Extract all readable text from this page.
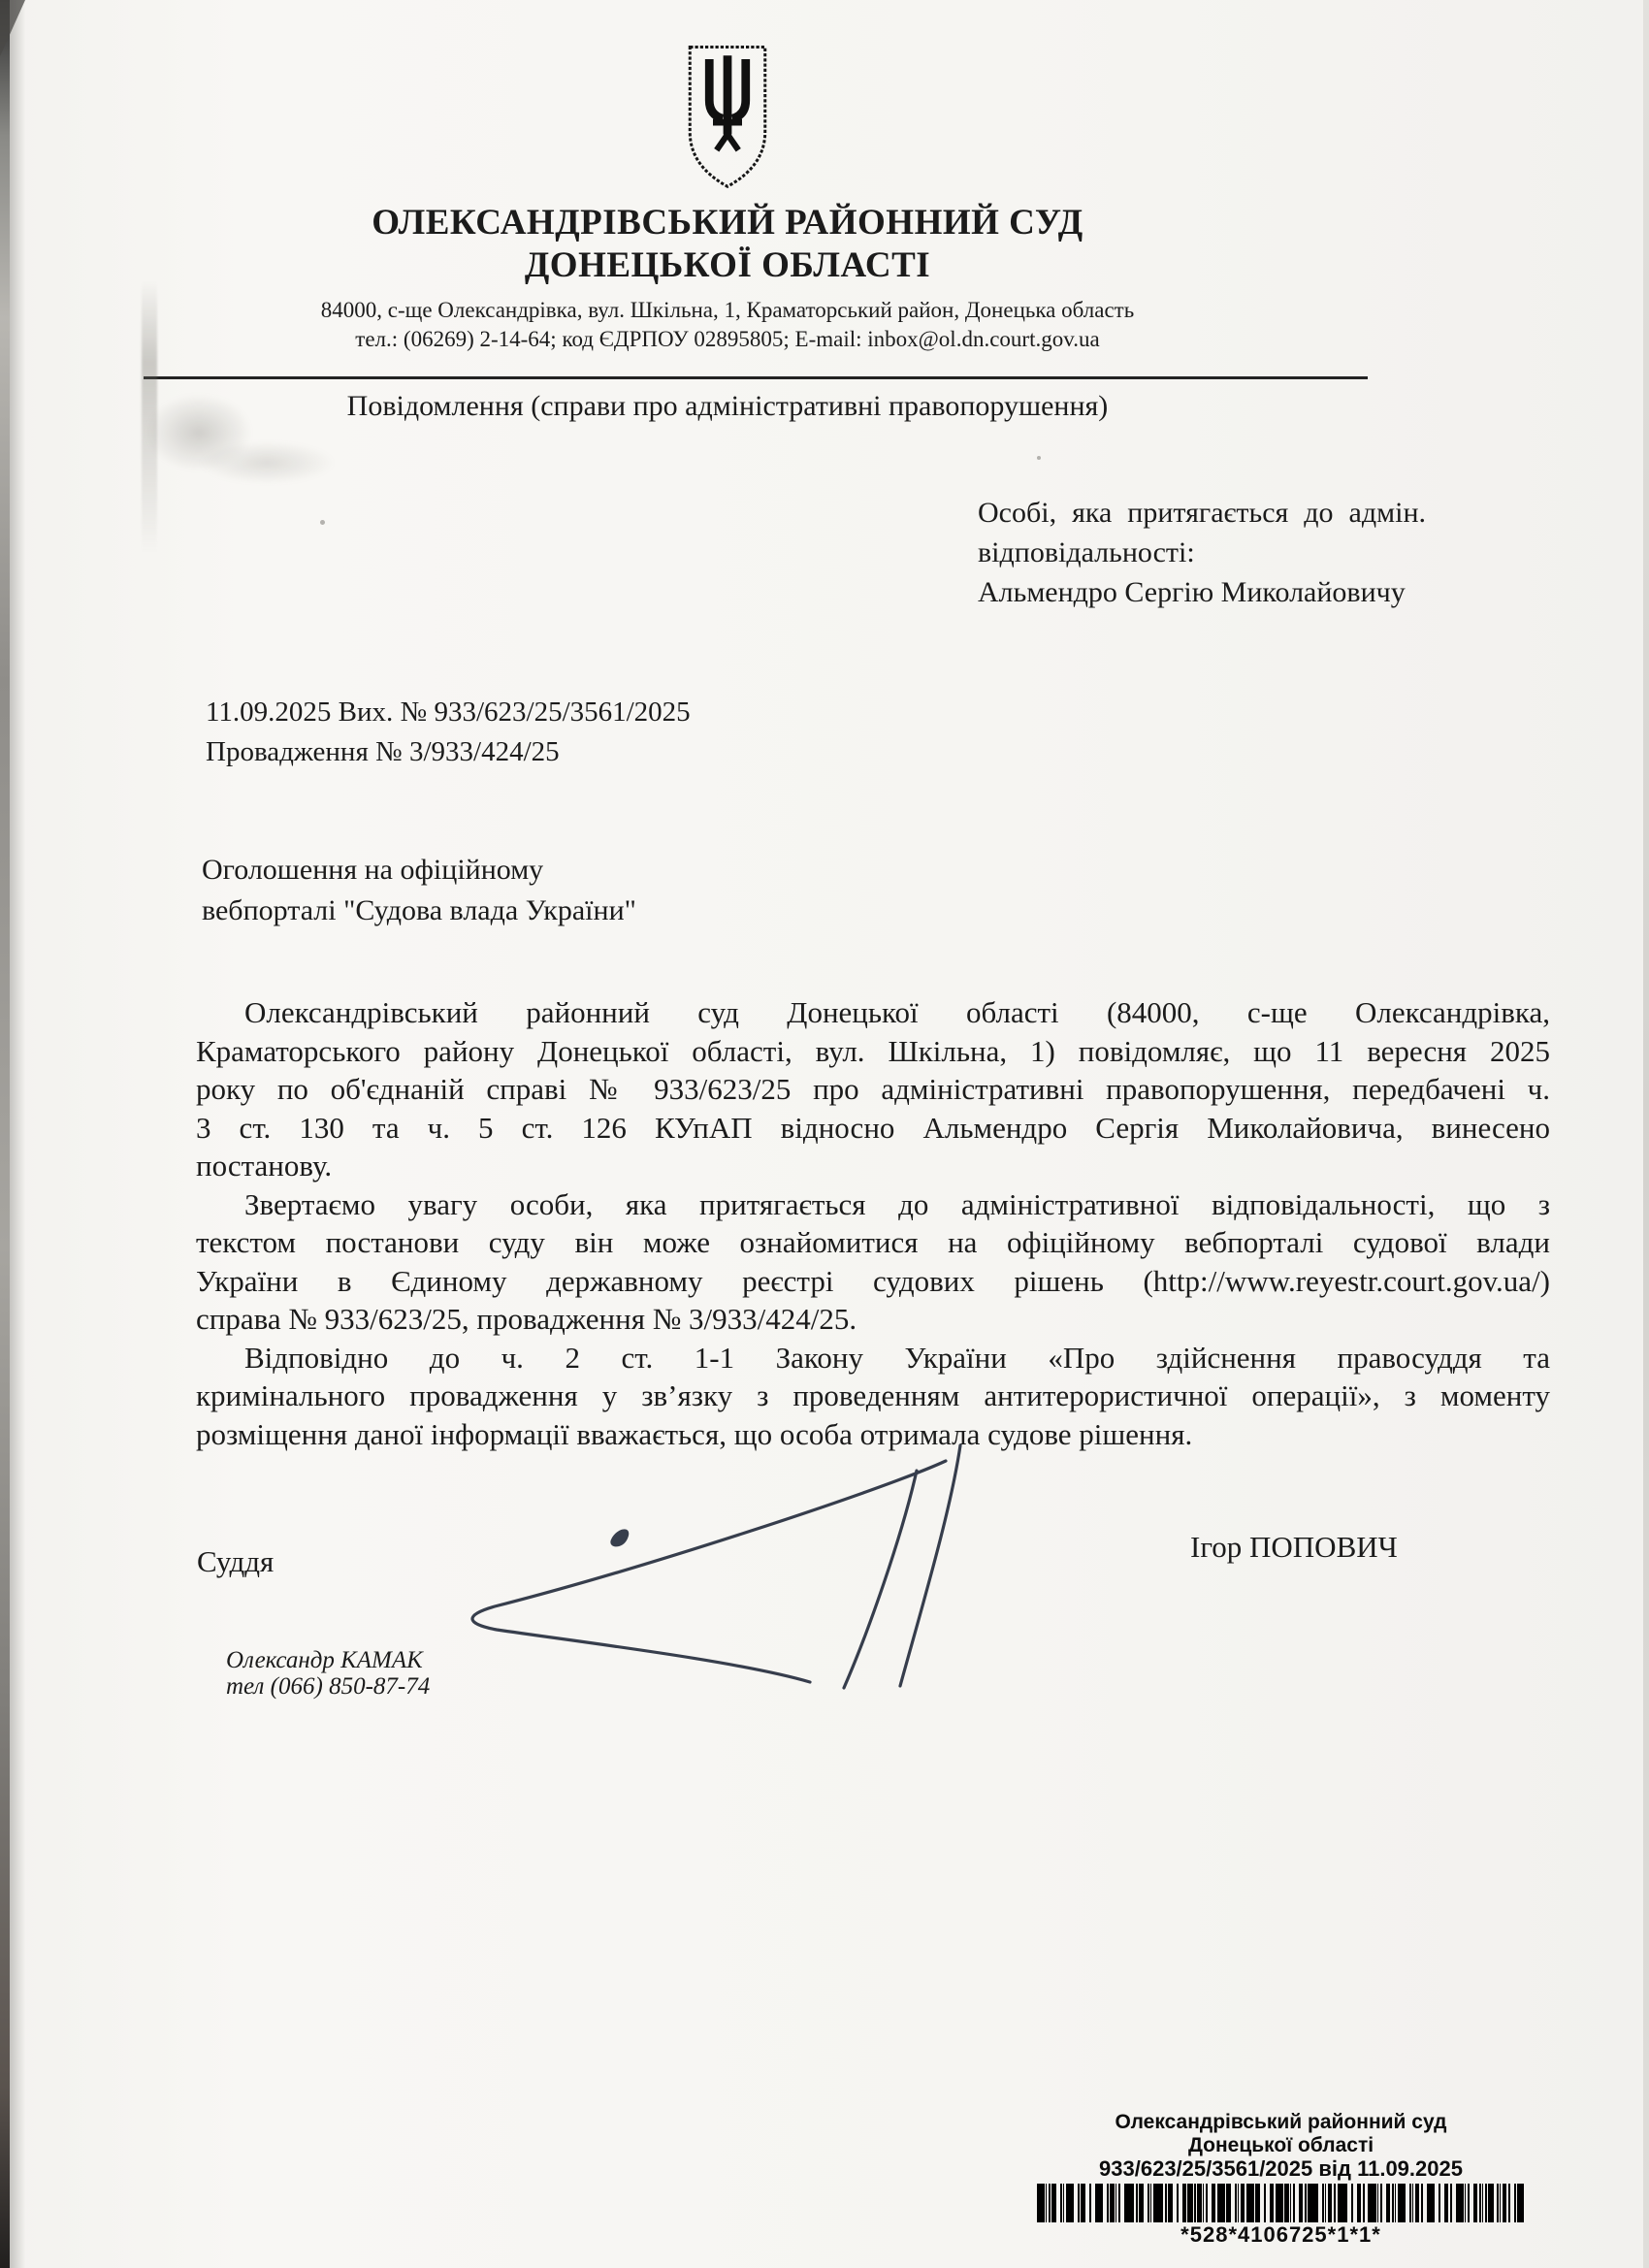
ОЛЕКСАНДРІВСЬКИЙ РАЙОННИЙ СУД
ДОНЕЦЬКОЇ ОБЛАСТІ
84000, с-ще Олександрівка, вул. Шкільна, 1, Краматорський район, Донецька область
тел.: (06269) 2-14-64; код ЄДРПОУ 02895805; E-mail: inbox@ol.dn.court.gov.ua
Повідомлення (справи про адміністративні правопорушення)
Особі, яка притягається до адмін.
відповідальності:
Альмендро Сергію Миколайовичу
11.09.2025 Вих. № 933/623/25/3561/2025
Провадження № 3/933/424/25
Оголошення на офіційному
вебпорталі "Судова влада України"
Олександрівський районний суд Донецької області (84000, с-ще Олександрівка,
Краматорського району Донецької області, вул. Шкільна, 1) повідомляє, що 11 вересня 2025
року по об'єднаній справі № 933/623/25 про адміністративні правопорушення, передбачені ч.
3 ст. 130 та ч. 5 ст. 126 КУпАП відносно Альмендро Сергія Миколайовича, винесено
постанову.
Звертаємо увагу особи, яка притягається до адміністративної відповідальності, що з
текстом постанови суду він може ознайомитися на офіційному вебпорталі судової влади
України в Єдиному державному реєстрі судових рішень (http://www.reyestr.court.gov.ua/)
справа № 933/623/25, провадження № 3/933/424/25.
Відповідно до ч. 2 ст. 1-1 Закону України «Про здійснення правосуддя та
кримінального провадження у зв’язку з проведенням антитерористичної операції», з моменту
розміщення даної інформації вважається, що особа отримала судове рішення.
Суддя	Ігор ПОПОВИЧ
Олександр КАМАК
тел (066) 850-87-74
Олександрівський районний суд
Донецької області
933/623/25/3561/2025 від 11.09.2025
*528*4106725*1*1*
